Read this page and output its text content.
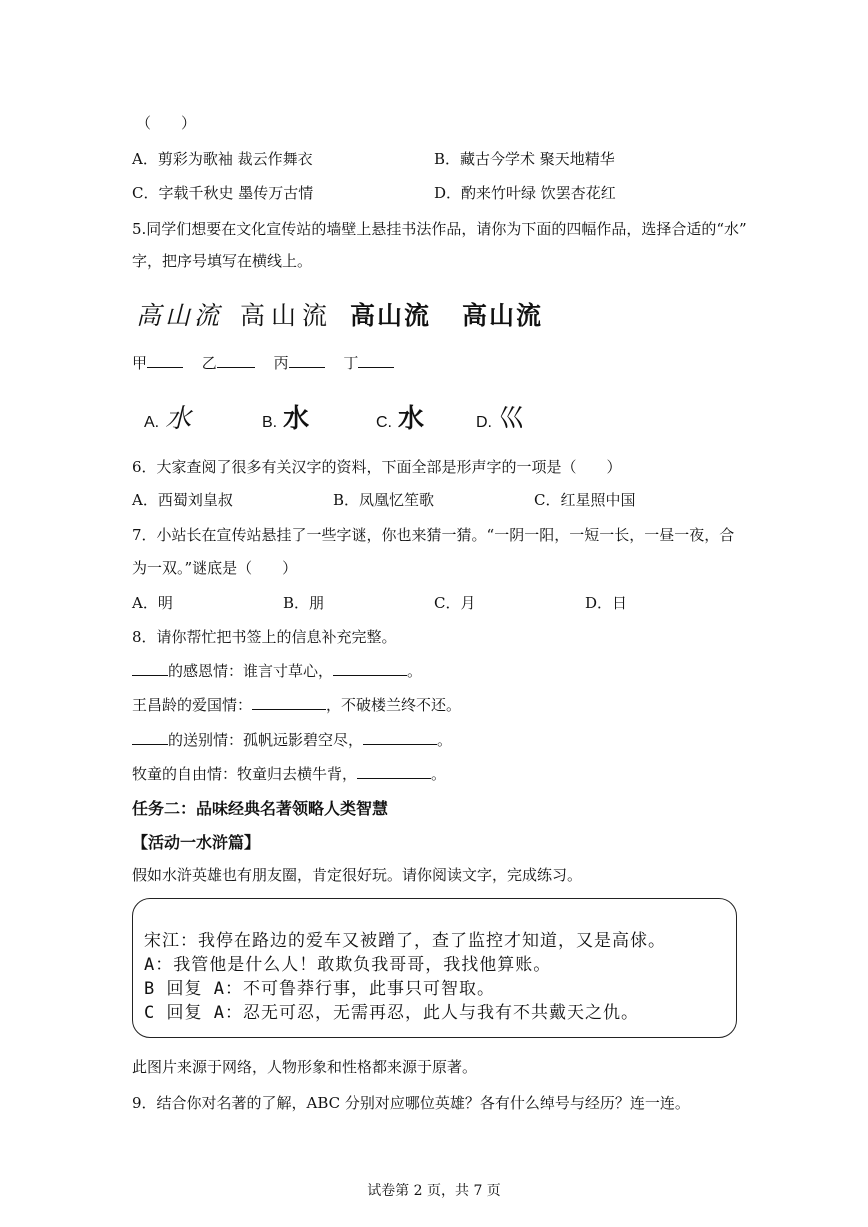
（　　）
A．剪彩为歌袖 裁云作舞衣	B．藏古今学术 聚天地精华
C．字载千秋史 墨传万古情	D．酌来竹叶绿 饮罢杏花红
5.同学们想要在文化宣传站的墙壁上悬挂书法作品，请你为下面的四幅作品，选择合适的“水”
字，把序号填写在横线上。
高山流 高山流 高山流 高山流
甲	乙	丙	丁
A. 水	B. 水	C. 水	D. 巛
6．大家查阅了很多有关汉字的资料，下面全部是形声字的一项是（　　）
A．西蜀刘皇叔	B．凤凰忆笙歌	C．红星照中国
7．小站长在宣传站悬挂了一些字谜，你也来猜一猜。“一阴一阳，一短一长，一昼一夜，合
为一双。”谜底是（　　）
A．明	B．朋	C．月	D．日
8．请你帮忙把书签上的信息补充完整。
的感恩情：谁言寸草心，	。
王昌龄的爱国情：	，不破楼兰终不还。
的送别情：孤帆远影碧空尽，	。
牧童的自由情：牧童归去横牛背，	。
任务二：品味经典名著领略人类智慧
【活动一水浒篇】
假如水浒英雄也有朋友圈，肯定很好玩。请你阅读文字，完成练习。
宋江：我停在路边的爱车又被蹭了，查了监控才知道，又是高俅。
A：我管他是什么人！敢欺负我哥哥，我找他算账。
B 回复 A：不可鲁莽行事，此事只可智取。
C 回复 A：忍无可忍，无需再忍，此人与我有不共戴天之仇。
此图片来源于网络，人物形象和性格都来源于原著。
9．结合你对名著的了解，ABC 分别对应哪位英雄？各有什么绰号与经历？连一连。
试卷第 2 页，共 7 页
